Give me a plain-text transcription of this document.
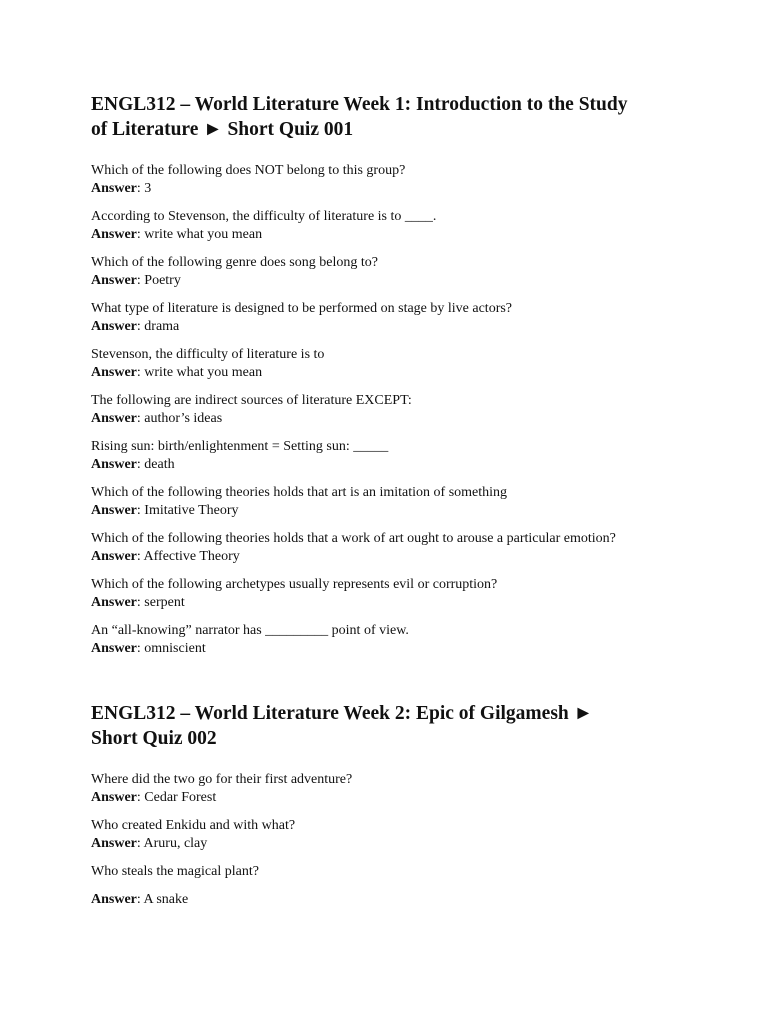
ENGL312 – World Literature Week 1: Introduction to the Study
of Literature ► Short Quiz 001
Which of the following does NOT belong to this group?
Answer: 3
According to Stevenson, the difficulty of literature is to ____.
Answer: write what you mean
Which of the following genre does song belong to?
Answer: Poetry
What type of literature is designed to be performed on stage by live actors?
Answer: drama
Stevenson, the difficulty of literature is to
Answer: write what you mean
The following are indirect sources of literature EXCEPT:
Answer: author’s ideas
Rising sun: birth/enlightenment = Setting sun: _____
Answer: death
Which of the following theories holds that art is an imitation of something
Answer: Imitative Theory
Which of the following theories holds that a work of art ought to arouse a particular emotion?
Answer: Affective Theory
Which of the following archetypes usually represents evil or corruption?
Answer: serpent
An “all-knowing” narrator has _________ point of view.
Answer: omniscient
ENGL312 – World Literature Week 2: Epic of Gilgamesh ►
Short Quiz 002
Where did the two go for their first adventure?
Answer: Cedar Forest
Who created Enkidu and with what?
Answer: Aruru, clay
Who steals the magical plant?
Answer: A snake
